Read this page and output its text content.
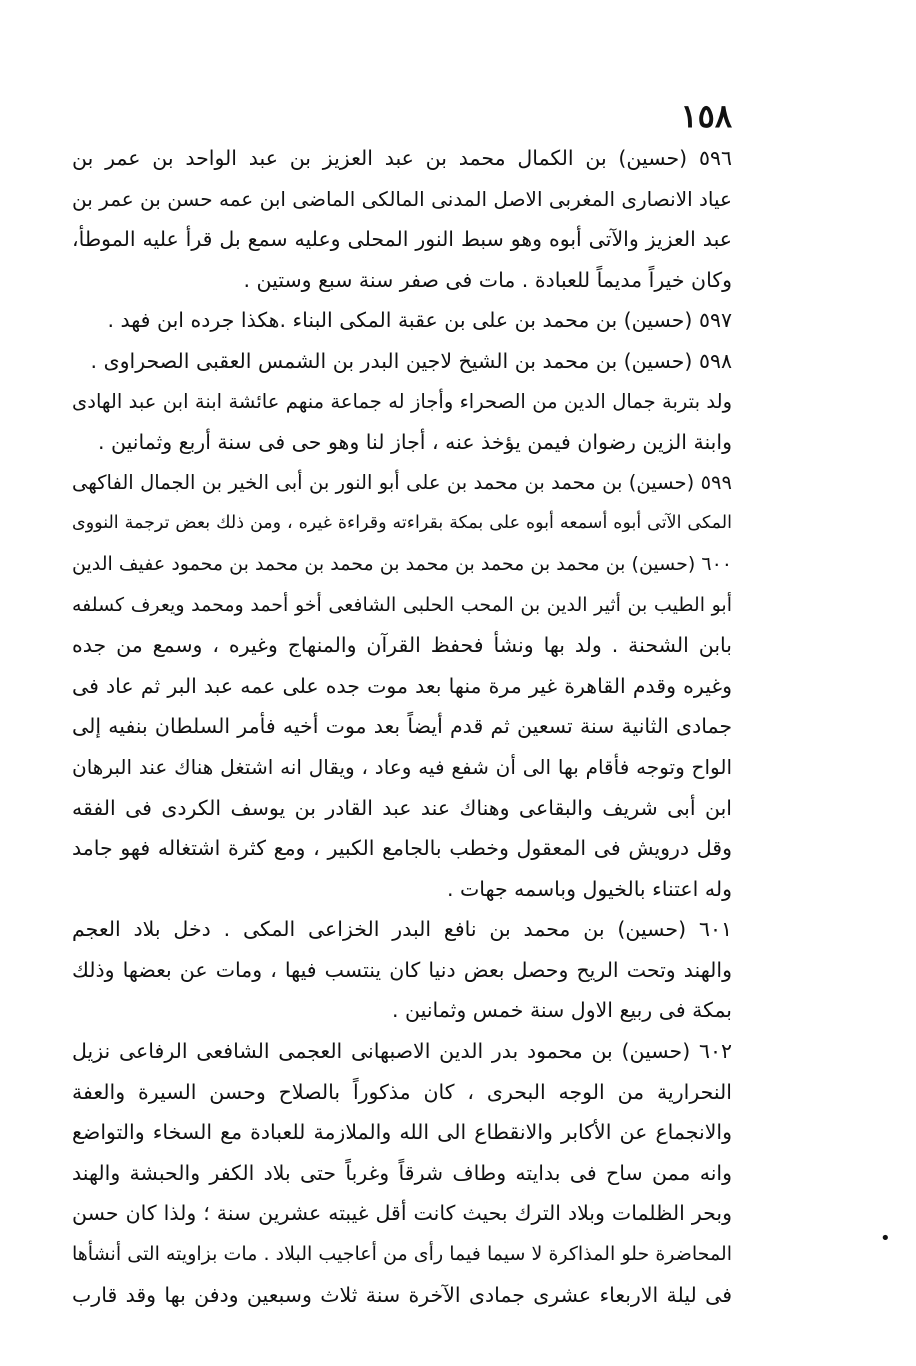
١٥٨
٥٩٦ (حسين) بن الكمال محمد بن عبد العزيز بن عبد الواحد بن عمر بن
عياد الانصارى المغربى الاصل المدنى المالكى الماضى ابن عمه حسن بن عمر بن
عبد العزيز والآتى أبوه وهو سبط النور المحلى وعليه سمع بل قرأ عليه الموطأ،
وكان خيراً مديماً للعبادة . مات فى صفر سنة سبع وستين .
٥٩٧ (حسين) بن محمد بن على بن عقبة المكى البناء .هكذا جرده ابن فهد .
٥٩٨ (حسين) بن محمد بن الشيخ لاجين البدر بن الشمس العقبى الصحراوى .
ولد بتربة جمال الدين من الصحراء وأجاز له جماعة منهم عائشة ابنة ابن عبد الهادى
وابنة الزين رضوان فيمن يؤخذ عنه ، أجاز لنا وهو حى فى سنة أربع وثمانين .
٥٩٩ (حسين) بن محمد بن محمد بن على أبو النور بن أبى الخير بن الجمال الفاكهى
المكى الآتى أبوه أسمعه أبوه على بمكة بقراءته وقراءة غيره ، ومن ذلك بعض ترجمة النووى
٦٠٠ (حسين) بن محمد بن محمد بن محمد بن محمد بن محمد بن محمود عفيف الدين
أبو الطيب بن أثير الدين بن المحب الحلبى الشافعى أخو أحمد ومحمد ويعرف كسلفه
بابن الشحنة . ولد بها ونشأ فحفظ القرآن والمنهاج وغيره ، وسمع من جده
وغيره وقدم القاهرة غير مرة منها بعد موت جده على عمه عبد البر ثم عاد فى
جمادى الثانية سنة تسعين ثم قدم أيضاً بعد موت أخيه فأمر السلطان بنفيه إلى
الواح وتوجه فأقام بها الى أن شفع فيه وعاد ، ويقال انه اشتغل هناك عند البرهان
ابن أبى شريف والبقاعى وهناك عند عبد القادر بن يوسف الكردى فى الفقه
وقل درويش فى المعقول وخطب بالجامع الكبير ، ومع كثرة اشتغاله فهو جامد
وله اعتناء بالخيول وباسمه جهات .
٦٠١ (حسين) بن محمد بن نافع البدر الخزاعى المكى . دخل بلاد العجم
والهند وتحت الريح وحصل بعض دنيا كان ينتسب فيها ، ومات عن بعضها وذلك
بمكة فى ربيع الاول سنة خمس وثمانين .
٦٠٢ (حسين) بن محمود بدر الدين الاصبهانى العجمى الشافعى الرفاعى نزيل
النحرارية من الوجه البحرى ، كان مذكوراً بالصلاح وحسن السيرة والعفة
والانجماع عن الأكابر والانقطاع الى الله والملازمة للعبادة مع السخاء والتواضع
وانه ممن ساح فى بدايته وطاف شرقاً وغرباً حتى بلاد الكفر والحبشة والهند
وبحر الظلمات وبلاد الترك بحيث كانت أقل غيبته عشرين سنة ؛ ولذا كان حسن
المحاضرة حلو المذاكرة لا سيما فيما رأى من أعاجيب البلاد . مات بزاويته التى أنشأها
فى ليلة الاربعاء عشرى جمادى الآخرة سنة ثلاث وسبعين ودفن بها وقد قارب
•
